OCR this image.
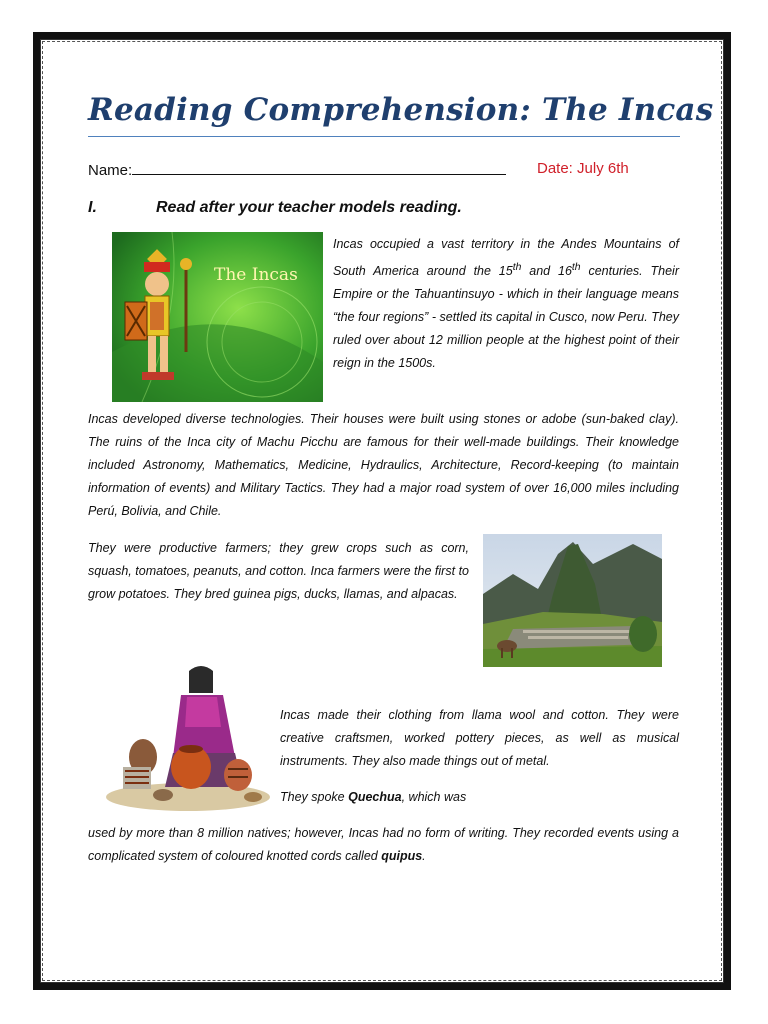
Reading Comprehension: The Incas
Name:	Date: July 6th
I.	Read after your teacher models reading.
The Incas

Incas occupied a vast territory in the Andes Mountains of South America around the 15th and 16th centuries. Their Empire or the Tahuantinsuyo - which in their language means “the four regions” - settled its capital in Cusco, now Peru. They ruled over about 12 million people at the highest point of their reign in the 1500s.

Incas developed diverse technologies. Their houses were built using stones or adobe (sun-baked clay). The ruins of the Inca city of Machu Picchu are famous for their well-made buildings. Their knowledge included Astronomy, Mathematics, Medicine, Hydraulics, Architecture, Record-keeping (to maintain information of events) and Military Tactics. They had a major road system of over 16,000 miles including Perú, Bolivia, and Chile.

They were productive farmers; they grew crops such as corn, squash, tomatoes, peanuts, and cotton. Inca farmers were the first to grow potatoes. They bred guinea pigs, ducks, llamas, and alpacas.

Incas made their clothing from llama wool and cotton. They were creative craftsmen, worked pottery pieces, as well as musical instruments. They also made things out of metal.

They spoke Quechua, which was

used by more than 8 million natives; however, Incas had no form of writing. They recorded events using a complicated system of coloured knotted cords called quipus.
